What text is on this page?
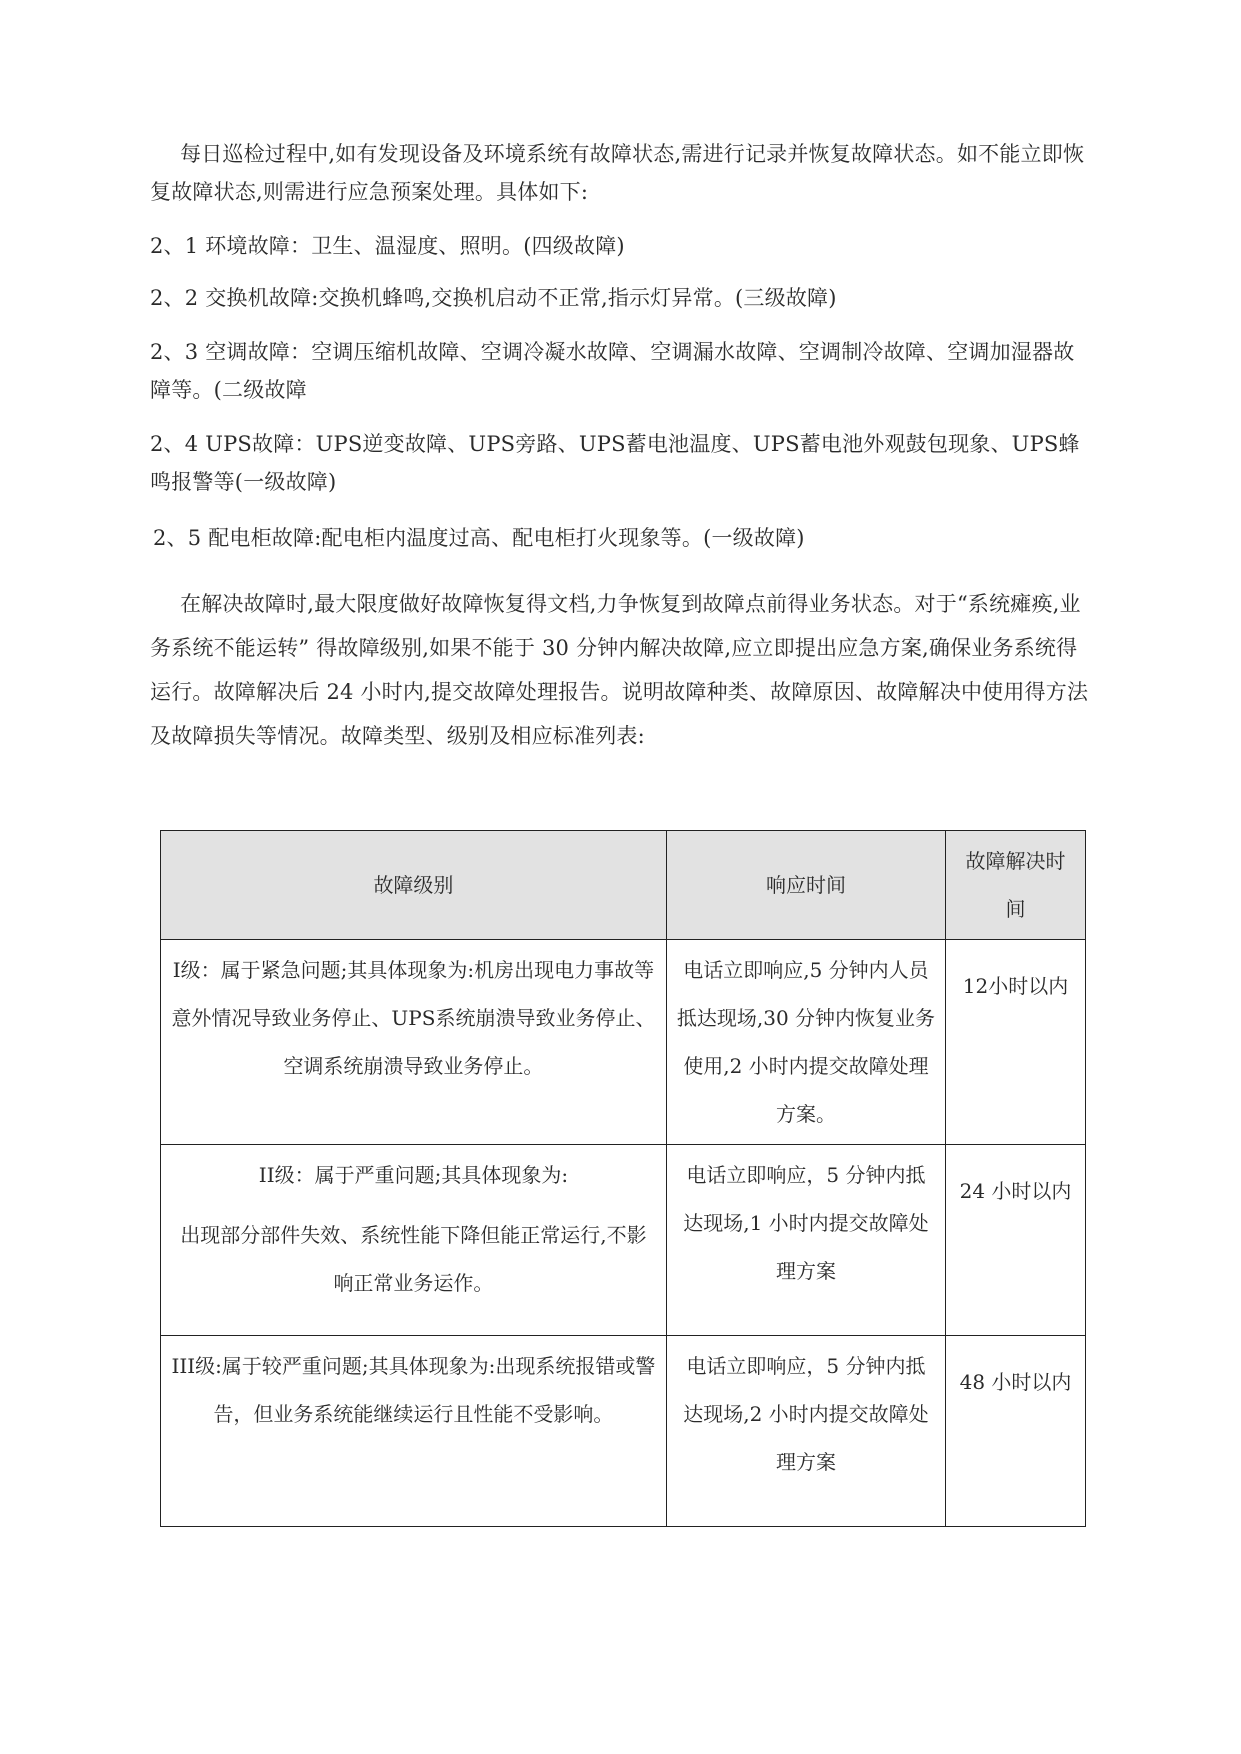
每日巡检过程中,如有发现设备及环境系统有故障状态,需进行记录并恢复故障状态。如不能立即恢复故障状态,则需进行应急预案处理。具体如下:

2、1 环境故障：卫生、温湿度、照明。(四级故障)

2、2 交换机故障:交换机蜂鸣,交换机启动不正常,指示灯异常。(三级故障)

2、3 空调故障：空调压缩机故障、空调冷凝水故障、空调漏水故障、空调制冷故障、空调加湿器故障等。(二级故障

2、4 UPS故障：UPS逆变故障、UPS旁路、UPS蓄电池温度、UPS蓄电池外观鼓包现象、UPS蜂鸣报警等(一级故障)

2、5 配电柜故障:配电柜内温度过高、配电柜打火现象等。(一级故障)

在解决故障时,最大限度做好故障恢复得文档,力争恢复到故障点前得业务状态。对于“系统瘫痪,业务系统不能运转” 得故障级别,如果不能于 30 分钟内解决故障,应立即提出应急方案,确保业务系统得运行。故障解决后 24 小时内,提交故障处理报告。说明故障种类、故障原因、故障解决中使用得方法及故障损失等情况。故障类型、级别及相应标准列表:

故障级别	响应时间	故障解决时间
I级：属于紧急问题;其具体现象为:机房出现电力事故等意外情况导致业务停止、UPS系统崩溃导致业务停止、空调系统崩溃导致业务停止。	电话立即响应,5 分钟内人员抵达现场,30 分钟内恢复业务使用,2 小时内提交故障处理方案。	12小时以内

II级：属于严重问题;其具体现象为:
出现部分部件失效、系统性能下降但能正常运行,不影响正常业务运作。	电话立即响应，5 分钟内抵达现场,1 小时内提交故障处理方案	24 小时以内

III级:属于较严重问题;其具体现象为:出现系统报错或警告，但业务系统能继续运行且性能不受影响。	电话立即响应，5 分钟内抵达现场,2 小时内提交故障处理方案	48 小时以内
